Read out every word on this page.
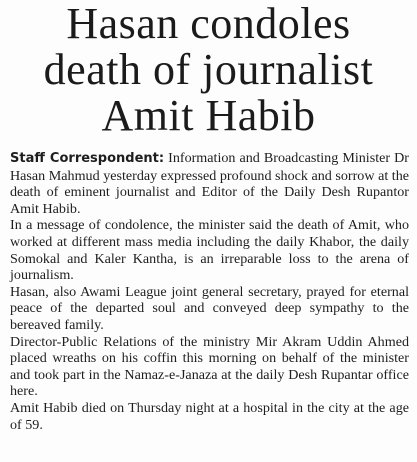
Hasan condoles
death of journalist
Amit Habib

Staff Correspondent: Information and Broadcasting Minister Dr Hasan Mahmud yesterday expressed profound shock and sorrow at the death of eminent journalist and Editor of the Daily Desh Rupantor Amit Habib.

In a message of condolence, the minister said the death of Amit, who worked at different mass media including the daily Khabor, the daily Somokal and Kaler Kantha, is an irreparable loss to the arena of journalism.

Hasan, also Awami League joint general secretary, prayed for eternal peace of the departed soul and conveyed deep sympathy to the bereaved family.

Director-Public Relations of the ministry Mir Akram Uddin Ahmed placed wreaths on his coffin this morning on behalf of the minister and took part in the Namaz-e-Janaza at the daily Desh Rupantar office here.

Amit Habib died on Thursday night at a hospital in the city at the age of 59.
